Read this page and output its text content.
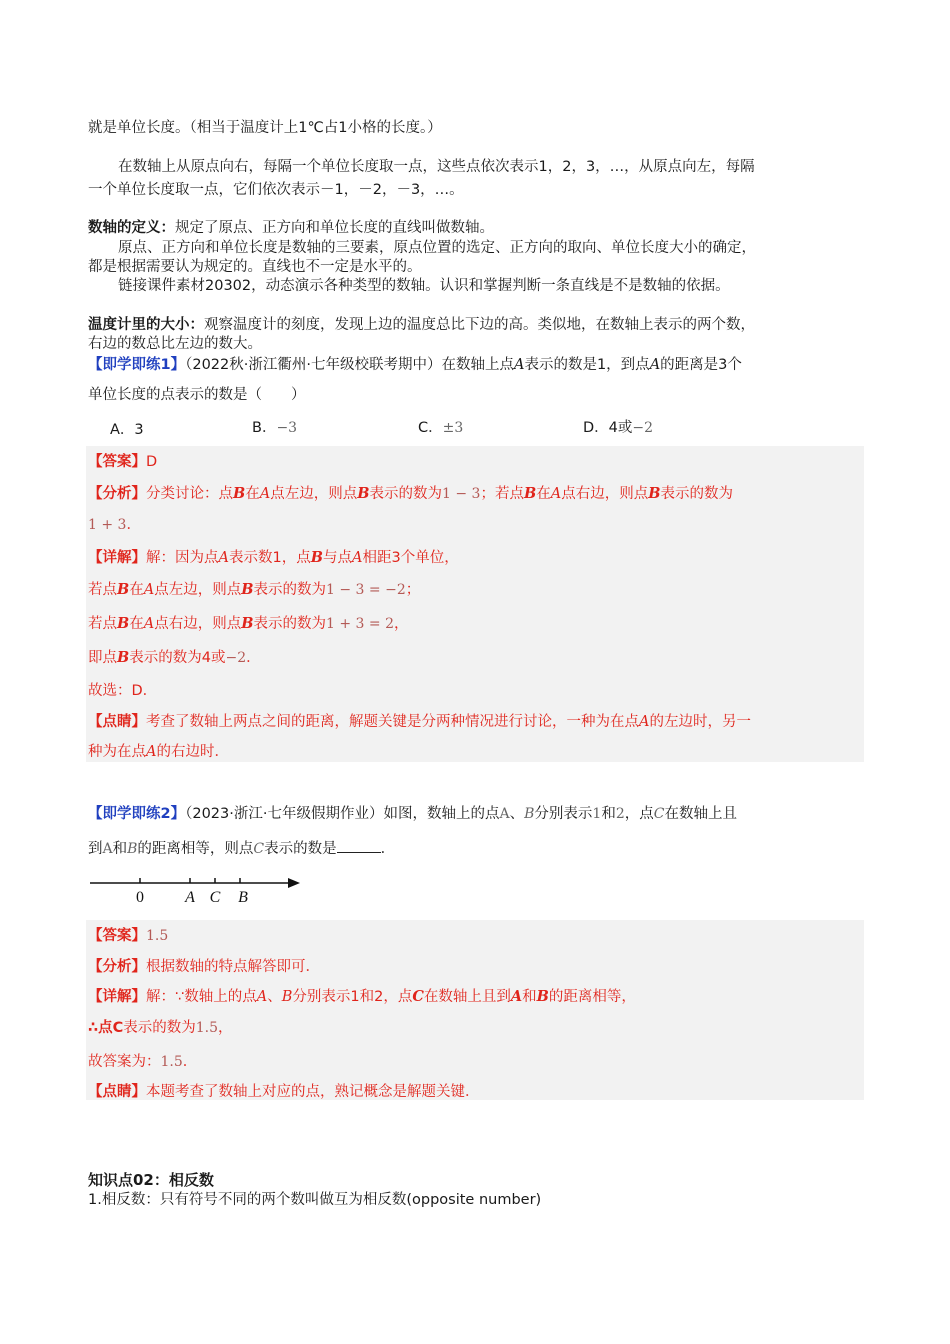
就是单位长度。（相当于温度计上1℃占1小格的长度。）
在数轴上从原点向右，每隔一个单位长度取一点，这些点依次表示1，2，3，…，从原点向左，每隔
一个单位长度取一点，它们依次表示－1，－2，－3，…。
数轴的定义：规定了原点、正方向和单位长度的直线叫做数轴。
原点、正方向和单位长度是数轴的三要素，原点位置的选定、正方向的取向、单位长度大小的确定，
都是根据需要认为规定的。直线也不一定是水平的。
链接课件素材20302，动态演示各种类型的数轴。认识和掌握判断一条直线是不是数轴的依据。
温度计里的大小：观察温度计的刻度，发现上边的温度总比下边的高。类似地，在数轴上表示的两个数，
右边的数总比左边的数大。
【即学即练1】（2022秋·浙江衢州·七年级校联考期中）在数轴上点A表示的数是1，到点A的距离是3个
单位长度的点表示的数是（　　）
A．3	B．−3	C．±3	D．4或−2
【答案】D
【分析】分类讨论：点B在A点左边，则点B表示的数为1 − 3；若点B在A点右边，则点B表示的数为
1 + 3．
【详解】解：因为点A表示数1，点B与点A相距3个单位，
若点B在A点左边，则点B表示的数为1 − 3 = −2；
若点B在A点右边，则点B表示的数为1 + 3 = 2，
即点B表示的数为4或−2．
故选：D．
【点睛】考查了数轴上两点之间的距离，解题关键是分两种情况进行讨论，一种为在点A的左边时，另一
种为在点A的右边时．
【即学即练2】（2023·浙江·七年级假期作业）如图，数轴上的点A、B分别表示1和2，点C在数轴上且
到A和B的距离相等，则点C表示的数是	．
0	A C B
【答案】1.5
【分析】根据数轴的特点解答即可．
【详解】解：∵数轴上的点A、B分别表示1和2，点C在数轴上且到A和B的距离相等，
∴点C表示的数为1.5，
故答案为：1.5．
【点睛】本题考查了数轴上对应的点，熟记概念是解题关键．
知识点02：相反数
1.相反数：只有符号不同的两个数叫做互为相反数(opposite number)
